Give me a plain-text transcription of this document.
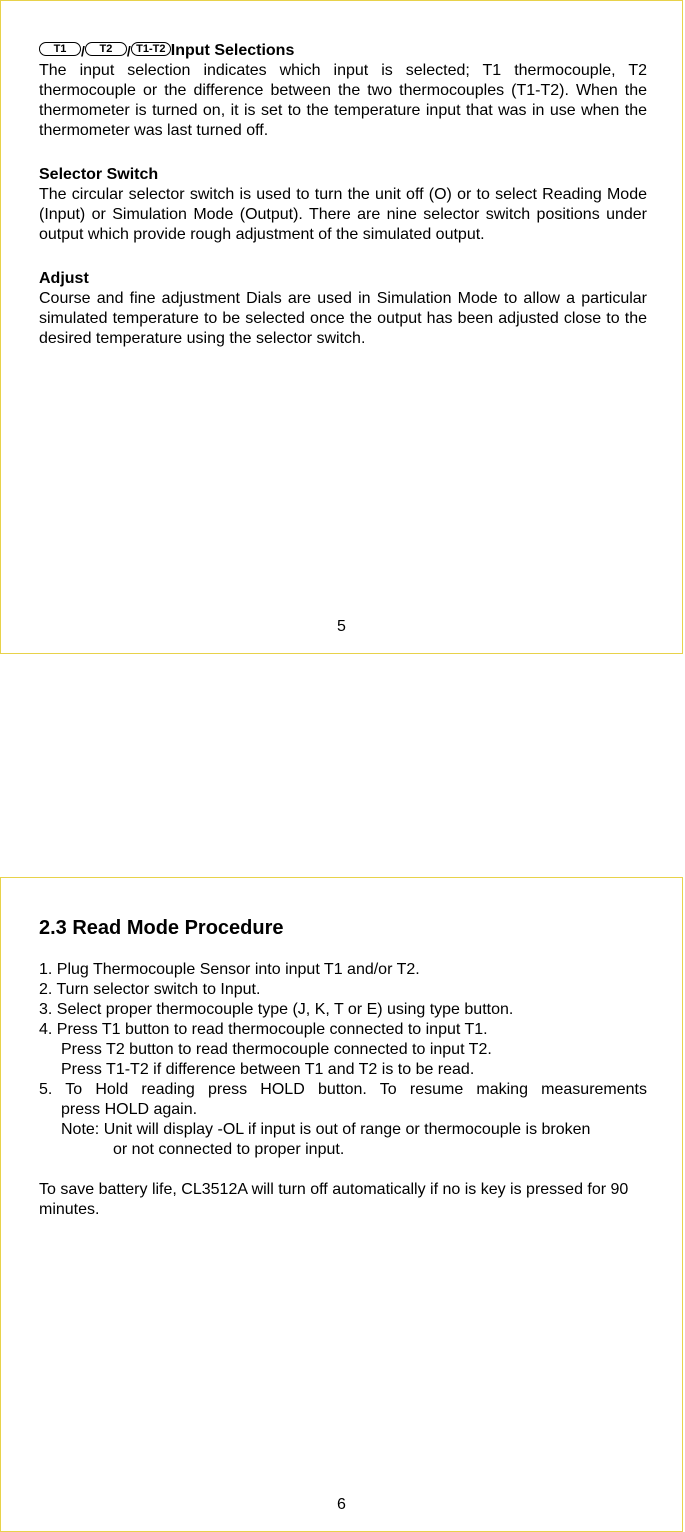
T1	/	T2	/ T1-T2 Input Selections

The input selection indicates which input is selected; T1 thermocouple, T2 thermocouple or the difference between the two thermocouples (T1-T2). When the thermometer is turned on, it is set to the temperature input that was in use when the thermometer was last turned off.

Selector Switch

The circular selector switch is used to turn the unit off (O) or to select Reading Mode (Input) or Simulation Mode (Output). There are nine selector switch positions under output which provide rough adjustment of the simulated output.

Adjust

Course and fine adjustment Dials are used in Simulation Mode to allow a particular simulated temperature to be selected once the output has been adjusted close to the desired temperature using the selector switch.

5

2.3 Read Mode Procedure

1. Plug Thermocouple Sensor into input T1 and/or T2.

2. Turn selector switch to Input.

3. Select proper thermocouple type (J, K, T or E) using type button.

4. Press T1 button to read thermocouple connected to input T1.

Press T2 button to read thermocouple connected to input T2.

Press T1-T2 if difference between T1 and T2 is to be read.

5. To Hold reading press HOLD button. To resume making measurements

press HOLD again.

Note: Unit will display -OL if input is out of range or thermocouple is broken

or not connected to proper input.

To save battery life, CL3512A will turn off automatically if no is key is pressed for 90 minutes.

6
